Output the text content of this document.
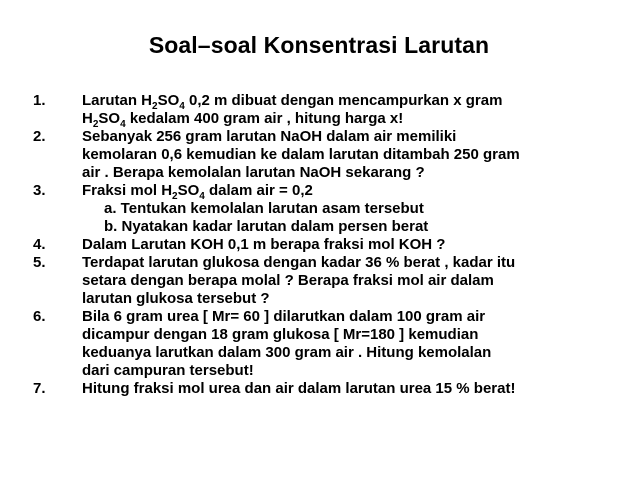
Soal–soal Konsentrasi Larutan
1. Larutan $H_2SO_4$ 0,2 m dibuat dengan mencampurkan x gram
$H_2SO_4$ kedalam 400 gram air , hitung harga x!
2. Sebanyak 256 gram larutan NaOH dalam air memiliki
kemolaran 0,6 kemudian ke dalam larutan ditambah 250 gram
air . Berapa kemolalan larutan NaOH sekarang ?
3. Fraksi mol $H_2SO_4$ dalam air = 0,2
a. Tentukan kemolalan larutan asam tersebut
b. Nyatakan kadar larutan dalam persen berat
4. Dalam Larutan KOH 0,1 m berapa fraksi mol KOH ?
5. Terdapat larutan glukosa dengan kadar 36 % berat , kadar itu
setara dengan berapa molal ? Berapa fraksi mol air dalam
larutan glukosa tersebut ?
6. Bila 6 gram urea [ Mr= 60 ] dilarutkan dalam 100 gram air
dicampur dengan 18 gram glukosa [ Mr=180 ] kemudian
keduanya larutkan dalam 300 gram air . Hitung kemolalan
dari campuran tersebut!
7. Hitung fraksi mol urea dan air dalam larutan urea 15 % berat!
